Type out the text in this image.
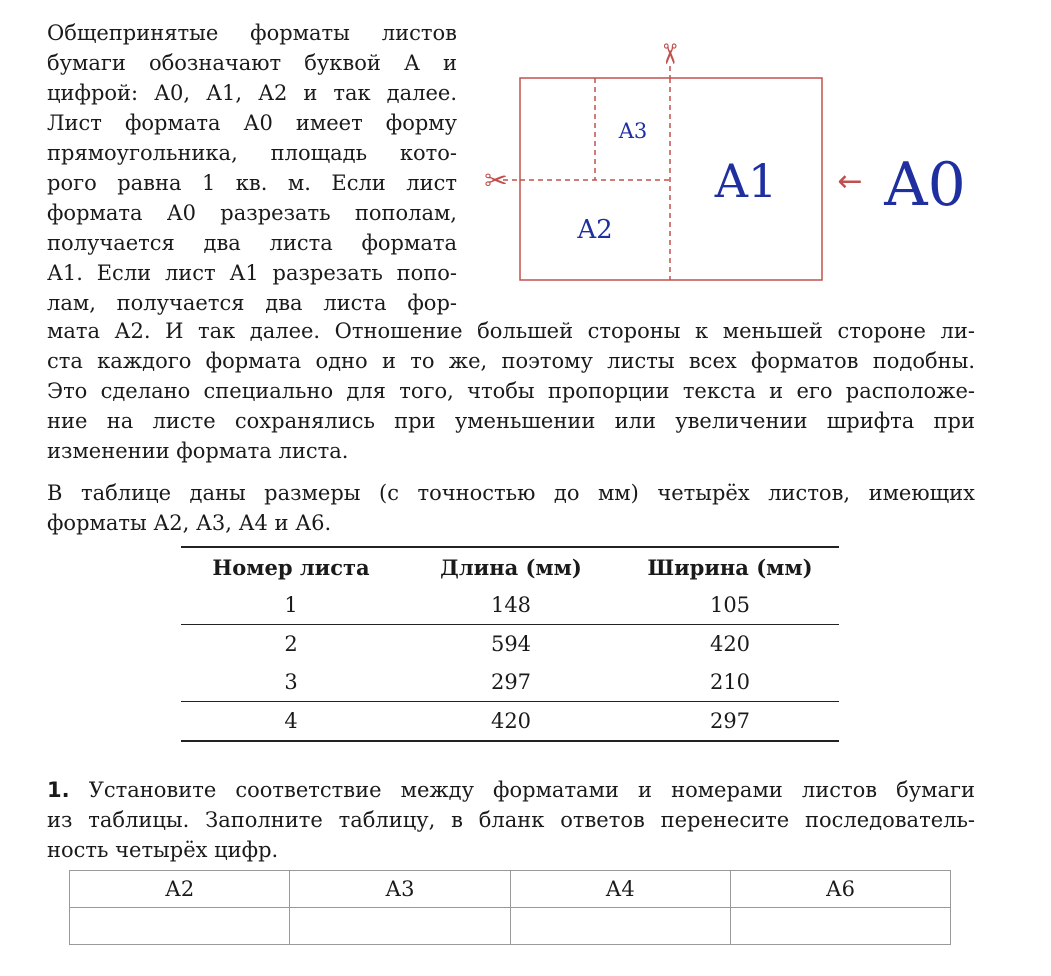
Общепринятые форматы листов
бумаги обозначают буквой А и
цифрой: А0, А1, А2 и так далее.
Лист формата А0 имеет форму
прямоугольника, площадь кото-
рого равна 1 кв. м. Если лист
формата А0 разрезать пополам,
получается два листа формата
А1. Если лист А1 разрезать попо-
лам, получается два листа фор-
✂
✂
A3
A2
A1 ← A0
мата А2. И так далее. Отношение большей стороны к меньшей стороне ли-
ста каждого формата одно и то же, поэтому листы всех форматов подобны.
Это сделано специально для того, чтобы пропорции текста и его расположе-
ние на листе сохранялись при уменьшении или увеличении шрифта при
изменении формата листа.
В таблице даны размеры (с точностью до мм) четырёх листов, имеющих
форматы А2, А3, А4 и А6.
Номер листа	Длина (мм)	Ширина (мм)
1	148	105
2	594	420
3	297	210
4	420	297
1. Установите соответствие между форматами и номерами листов бумаги
из таблицы. Заполните таблицу, в бланк ответов перенесите последователь-
ность четырёх цифр.
А2	А3	А4	А6
